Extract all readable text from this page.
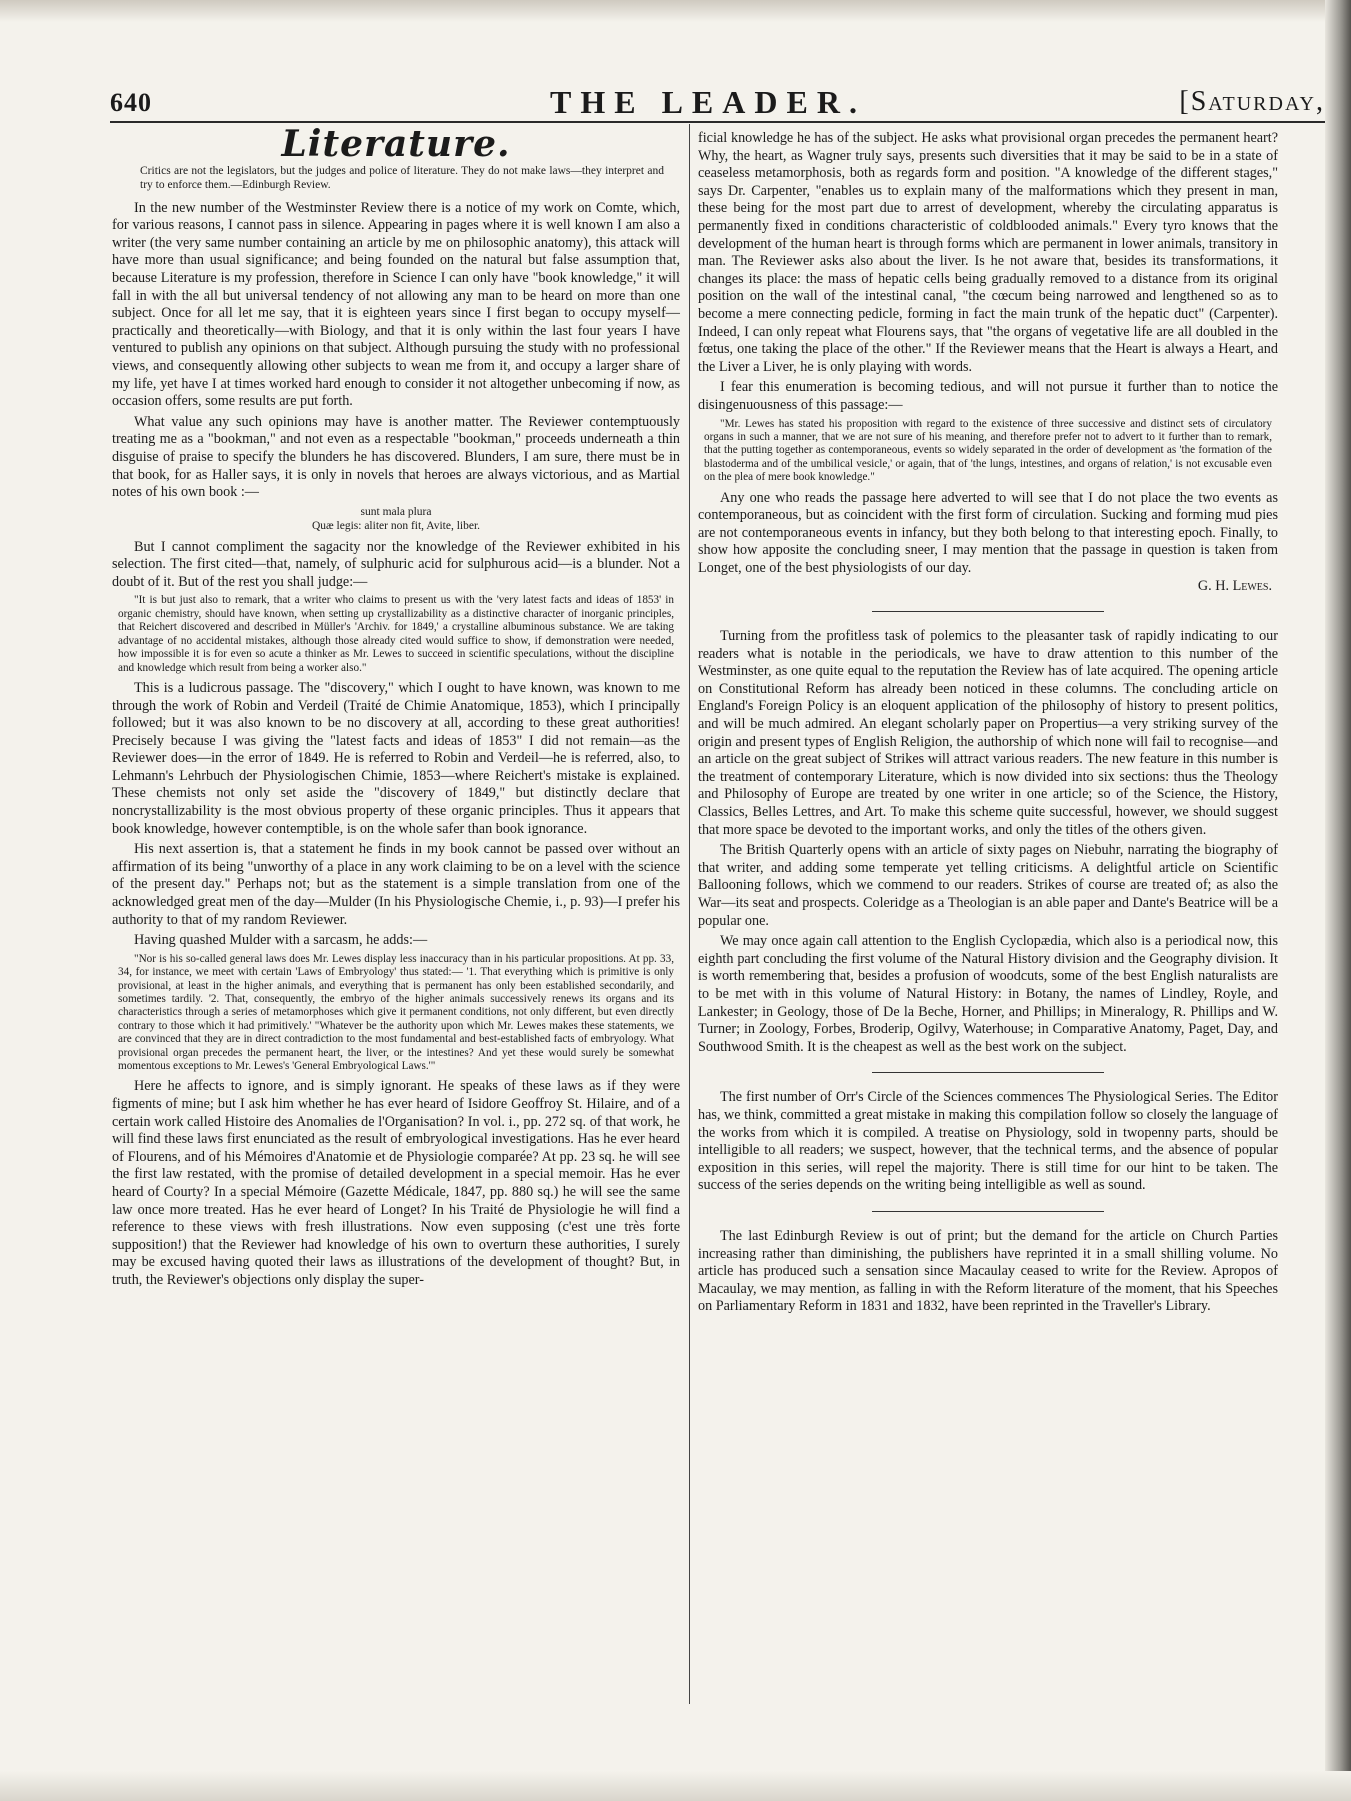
640	THE LEADER.	[Saturday,
Literature.
Critics are not the legislators, but the judges and police of literature. They do not make laws—they interpret and try to enforce them.—Edinburgh Review.

In the new number of the Westminster Review there is a notice of my work on Comte, which, for various reasons, I cannot pass in silence. Appearing in pages where it is well known I am also a writer (the very same number containing an article by me on philosophic anatomy), this attack will have more than usual significance; and being founded on the natural but false assumption that, because Literature is my profession, therefore in Science I can only have "book knowledge," it will fall in with the all but universal tendency of not allowing any man to be heard on more than one subject. Once for all let me say, that it is eighteen years since I first began to occupy myself—practically and theoretically—with Biology, and that it is only within the last four years I have ventured to publish any opinions on that subject. Although pursuing the study with no professional views, and consequently allowing other subjects to wean me from it, and occupy a larger share of my life, yet have I at times worked hard enough to consider it not altogether unbecoming if now, as occasion offers, some results are put forth.

What value any such opinions may have is another matter. The Reviewer contemptuously treating me as a "bookman," and not even as a respectable "bookman," proceeds underneath a thin disguise of praise to specify the blunders he has discovered. Blunders, I am sure, there must be in that book, for as Haller says, it is only in novels that heroes are always victorious, and as Martial notes of his own book :—

sunt mala plura
Quæ legis: aliter non fit, Avite, liber.

But I cannot compliment the sagacity nor the knowledge of the Reviewer exhibited in his selection. The first cited—that, namely, of sulphuric acid for sulphurous acid—is a blunder. Not a doubt of it. But of the rest you shall judge:—

"It is but just also to remark, that a writer who claims to present us with the 'very latest facts and ideas of 1853' in organic chemistry, should have known, when setting up crystallizability as a distinctive character of inorganic principles, that Reichert discovered and described in Müller's 'Archiv. for 1849,' a crystalline albuminous substance. We are taking advantage of no accidental mistakes, although those already cited would suffice to show, if demonstration were needed, how impossible it is for even so acute a thinker as Mr. Lewes to succeed in scientific speculations, without the discipline and knowledge which result from being a worker also."

This is a ludicrous passage. The "discovery," which I ought to have known, was known to me through the work of Robin and Verdeil (Traité de Chimie Anatomique, 1853), which I principally followed; but it was also known to be no discovery at all, according to these great authorities! Precisely because I was giving the "latest facts and ideas of 1853" I did not remain—as the Reviewer does—in the error of 1849. He is referred to Robin and Verdeil—he is referred, also, to Lehmann's Lehrbuch der Physiologischen Chimie, 1853—where Reichert's mistake is explained. These chemists not only set aside the "discovery of 1849," but distinctly declare that noncrystallizability is the most obvious property of these organic principles. Thus it appears that book knowledge, however contemptible, is on the whole safer than book ignorance.

His next assertion is, that a statement he finds in my book cannot be passed over without an affirmation of its being "unworthy of a place in any work claiming to be on a level with the science of the present day." Perhaps not; but as the statement is a simple translation from one of the acknowledged great men of the day—Mulder (In his Physiologische Chemie, i., p. 93)—I prefer his authority to that of my random Reviewer.

Having quashed Mulder with a sarcasm, he adds:—

"Nor is his so-called general laws does Mr. Lewes display less inaccuracy than in his particular propositions. At pp. 33, 34, for instance, we meet with certain 'Laws of Embryology' thus stated:— '1. That everything which is primitive is only provisional, at least in the higher animals, and everything that is permanent has only been established secondarily, and sometimes tardily. '2. That, consequently, the embryo of the higher animals successively renews its organs and its characteristics through a series of metamorphoses which give it permanent conditions, not only different, but even directly contrary to those which it had primitively.' "Whatever be the authority upon which Mr. Lewes makes these statements, we are convinced that they are in direct contradiction to the most fundamental and best-established facts of embryology. What provisional organ precedes the permanent heart, the liver, or the intestines? And yet these would surely be somewhat momentous exceptions to Mr. Lewes's 'General Embryological Laws.'"

Here he affects to ignore, and is simply ignorant. He speaks of these laws as if they were figments of mine; but I ask him whether he has ever heard of Isidore Geoffroy St. Hilaire, and of a certain work called Histoire des Anomalies de l'Organisation? In vol. i., pp. 272 sq. of that work, he will find these laws first enunciated as the result of embryological investigations. Has he ever heard of Flourens, and of his Mémoires d'Anatomie et de Physiologie comparée? At pp. 23 sq. he will see the first law restated, with the promise of detailed development in a special memoir. Has he ever heard of Courty? In a special Mémoire (Gazette Médicale, 1847, pp. 880 sq.) he will see the same law once more treated. Has he ever heard of Longet? In his Traité de Physiologie he will find a reference to these views with fresh illustrations. Now even supposing (c'est une très forte supposition!) that the Reviewer had knowledge of his own to overturn these authorities, I surely may be excused having quoted their laws as illustrations of the development of thought? But, in truth, the Reviewer's objections only display the super-

ficial knowledge he has of the subject. He asks what provisional organ precedes the permanent heart? Why, the heart, as Wagner truly says, presents such diversities that it may be said to be in a state of ceaseless metamorphosis, both as regards form and position. "A knowledge of the different stages," says Dr. Carpenter, "enables us to explain many of the malformations which they present in man, these being for the most part due to arrest of development, whereby the circulating apparatus is permanently fixed in conditions characteristic of coldblooded animals." Every tyro knows that the development of the human heart is through forms which are permanent in lower animals, transitory in man. The Reviewer asks also about the liver. Is he not aware that, besides its transformations, it changes its place: the mass of hepatic cells being gradually removed to a distance from its original position on the wall of the intestinal canal, "the cœcum being narrowed and lengthened so as to become a mere connecting pedicle, forming in fact the main trunk of the hepatic duct" (Carpenter). Indeed, I can only repeat what Flourens says, that "the organs of vegetative life are all doubled in the fœtus, one taking the place of the other." If the Reviewer means that the Heart is always a Heart, and the Liver a Liver, he is only playing with words.

I fear this enumeration is becoming tedious, and will not pursue it further than to notice the disingenuousness of this passage:—

"Mr. Lewes has stated his proposition with regard to the existence of three successive and distinct sets of circulatory organs in such a manner, that we are not sure of his meaning, and therefore prefer not to advert to it further than to remark, that the putting together as contemporaneous, events so widely separated in the order of development as 'the formation of the blastoderma and of the umbilical vesicle,' or again, that of 'the lungs, intestines, and organs of relation,' is not excusable even on the plea of mere book knowledge."

Any one who reads the passage here adverted to will see that I do not place the two events as contemporaneous, but as coincident with the first form of circulation. Sucking and forming mud pies are not contemporaneous events in infancy, but they both belong to that interesting epoch. Finally, to show how apposite the concluding sneer, I may mention that the passage in question is taken from Longet, one of the best physiologists of our day.

G. H. Lewes.

Turning from the profitless task of polemics to the pleasanter task of rapidly indicating to our readers what is notable in the periodicals, we have to draw attention to this number of the Westminster, as one quite equal to the reputation the Review has of late acquired. The opening article on Constitutional Reform has already been noticed in these columns. The concluding article on England's Foreign Policy is an eloquent application of the philosophy of history to present politics, and will be much admired. An elegant scholarly paper on Propertius—a very striking survey of the origin and present types of English Religion, the authorship of which none will fail to recognise—and an article on the great subject of Strikes will attract various readers. The new feature in this number is the treatment of contemporary Literature, which is now divided into six sections: thus the Theology and Philosophy of Europe are treated by one writer in one article; so of the Science, the History, Classics, Belles Lettres, and Art. To make this scheme quite successful, however, we should suggest that more space be devoted to the important works, and only the titles of the others given.

The British Quarterly opens with an article of sixty pages on Niebuhr, narrating the biography of that writer, and adding some temperate yet telling criticisms. A delightful article on Scientific Ballooning follows, which we commend to our readers. Strikes of course are treated of; as also the War—its seat and prospects. Coleridge as a Theologian is an able paper and Dante's Beatrice will be a popular one.

We may once again call attention to the English Cyclopædia, which also is a periodical now, this eighth part concluding the first volume of the Natural History division and the Geography division. It is worth remembering that, besides a profusion of woodcuts, some of the best English naturalists are to be met with in this volume of Natural History: in Botany, the names of Lindley, Royle, and Lankester; in Geology, those of De la Beche, Horner, and Phillips; in Mineralogy, R. Phillips and W. Turner; in Zoology, Forbes, Broderip, Ogilvy, Waterhouse; in Comparative Anatomy, Paget, Day, and Southwood Smith. It is the cheapest as well as the best work on the subject.

The first number of Orr's Circle of the Sciences commences The Physiological Series. The Editor has, we think, committed a great mistake in making this compilation follow so closely the language of the works from which it is compiled. A treatise on Physiology, sold in twopenny parts, should be intelligible to all readers; we suspect, however, that the technical terms, and the absence of popular exposition in this series, will repel the majority. There is still time for our hint to be taken. The success of the series depends on the writing being intelligible as well as sound.

The last Edinburgh Review is out of print; but the demand for the article on Church Parties increasing rather than diminishing, the publishers have reprinted it in a small shilling volume. No article has produced such a sensation since Macaulay ceased to write for the Review. Apropos of Macaulay, we may mention, as falling in with the Reform literature of the moment, that his Speeches on Parliamentary Reform in 1831 and 1832, have been reprinted in the Traveller's Library.
